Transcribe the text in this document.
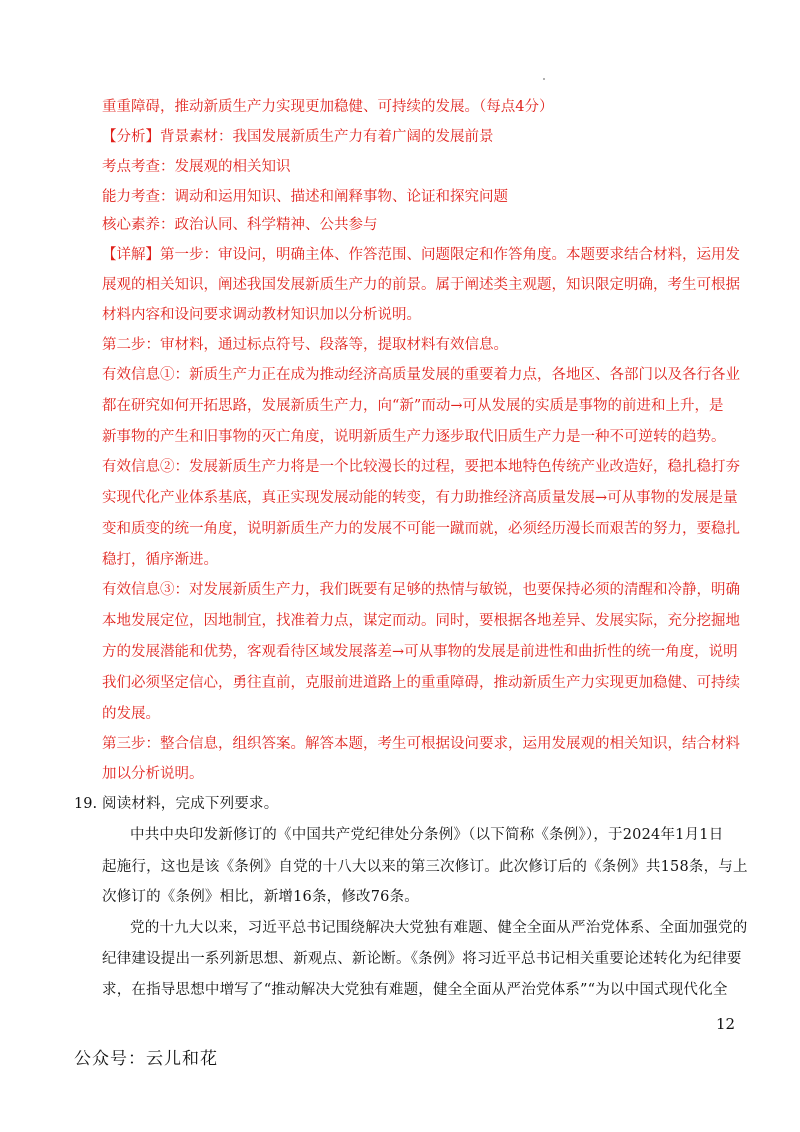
重重障碍，推动新质生产力实现更加稳健、可持续的发展。（每点4分）
【分析】背景素材：我国发展新质生产力有着广阔的发展前景
考点考查：发展观的相关知识
能力考查：调动和运用知识、描述和阐释事物、论证和探究问题
核心素养：政治认同、科学精神、公共参与
【详解】第一步：审设问，明确主体、作答范围、问题限定和作答角度。本题要求结合材料，运用发
展观的相关知识，阐述我国发展新质生产力的前景。属于阐述类主观题，知识限定明确，考生可根据
材料内容和设问要求调动教材知识加以分析说明。
第二步：审材料，通过标点符号、段落等，提取材料有效信息。
有效信息①：新质生产力正在成为推动经济高质量发展的重要着力点，各地区、各部门以及各行各业
都在研究如何开拓思路，发展新质生产力，向“新”而动→可从发展的实质是事物的前进和上升，是
新事物的产生和旧事物的灭亡角度，说明新质生产力逐步取代旧质生产力是一种不可逆转的趋势。
有效信息②：发展新质生产力将是一个比较漫长的过程，要把本地特色传统产业改造好，稳扎稳打夯
实现代化产业体系基底，真正实现发展动能的转变，有力助推经济高质量发展→可从事物的发展是量
变和质变的统一角度，说明新质生产力的发展不可能一蹴而就，必须经历漫长而艰苦的努力，要稳扎
稳打，循序渐进。
有效信息③：对发展新质生产力，我们既要有足够的热情与敏锐，也要保持必须的清醒和冷静，明确
本地发展定位，因地制宜，找准着力点，谋定而动。同时，要根据各地差异、发展实际，充分挖掘地
方的发展潜能和优势，客观看待区域发展落差→可从事物的发展是前进性和曲折性的统一角度，说明
我们必须坚定信心，勇往直前，克服前进道路上的重重障碍，推动新质生产力实现更加稳健、可持续
的发展。
第三步：整合信息，组织答案。解答本题，考生可根据设问要求，运用发展观的相关知识，结合材料
加以分析说明。
19. 阅读材料，完成下列要求。
中共中央印发新修订的《中国共产党纪律处分条例》（以下简称《条例》），于2024年1月1日
起施行，这也是该《条例》自党的十八大以来的第三次修订。此次修订后的《条例》共158条，与上
次修订的《条例》相比，新增16条，修改76条。
党的十九大以来，习近平总书记围绕解决大党独有难题、健全全面从严治党体系、全面加强党的
纪律建设提出一系列新思想、新观点、新论断。《条例》将习近平总书记相关重要论述转化为纪律要
求，在指导思想中增写了“推动解决大党独有难题，健全全面从严治党体系”“为以中国式现代化全
12
公众号：云儿和花
